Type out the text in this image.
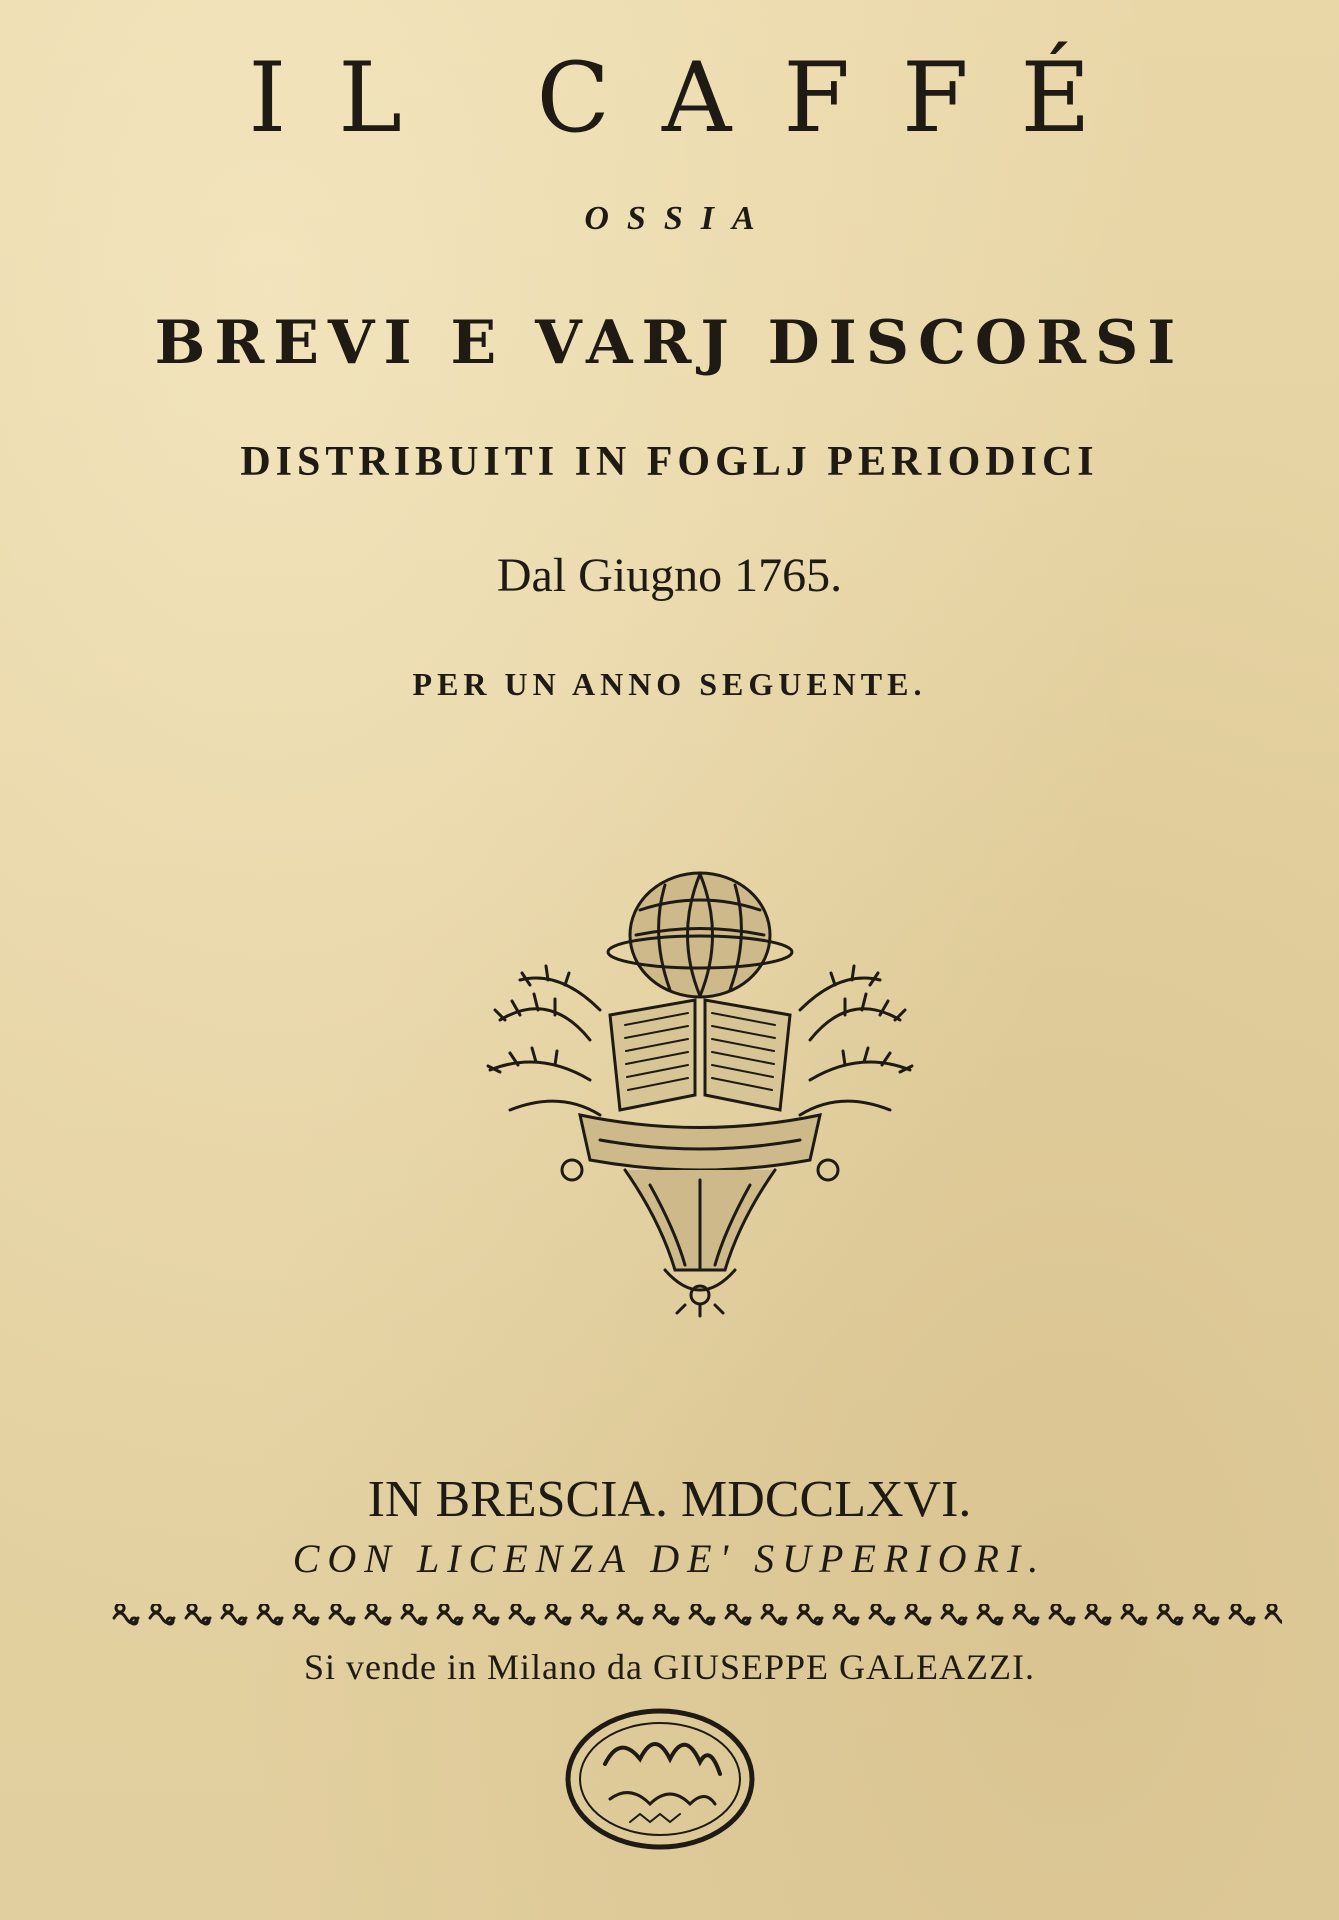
IL CAFFÉ
OSSIA
BREVI E VARJ DISCORSI
DISTRIBUITI IN FOGLJ PERIODICI
Dal Giugno 1765.
PER UN ANNO SEGUENTE.
IN BRESCIA. MDCCLXVI.
CON LICENZA DE' SUPERIORI.
Si vende in Milano da GIUSEPPE GALEAZZI.
